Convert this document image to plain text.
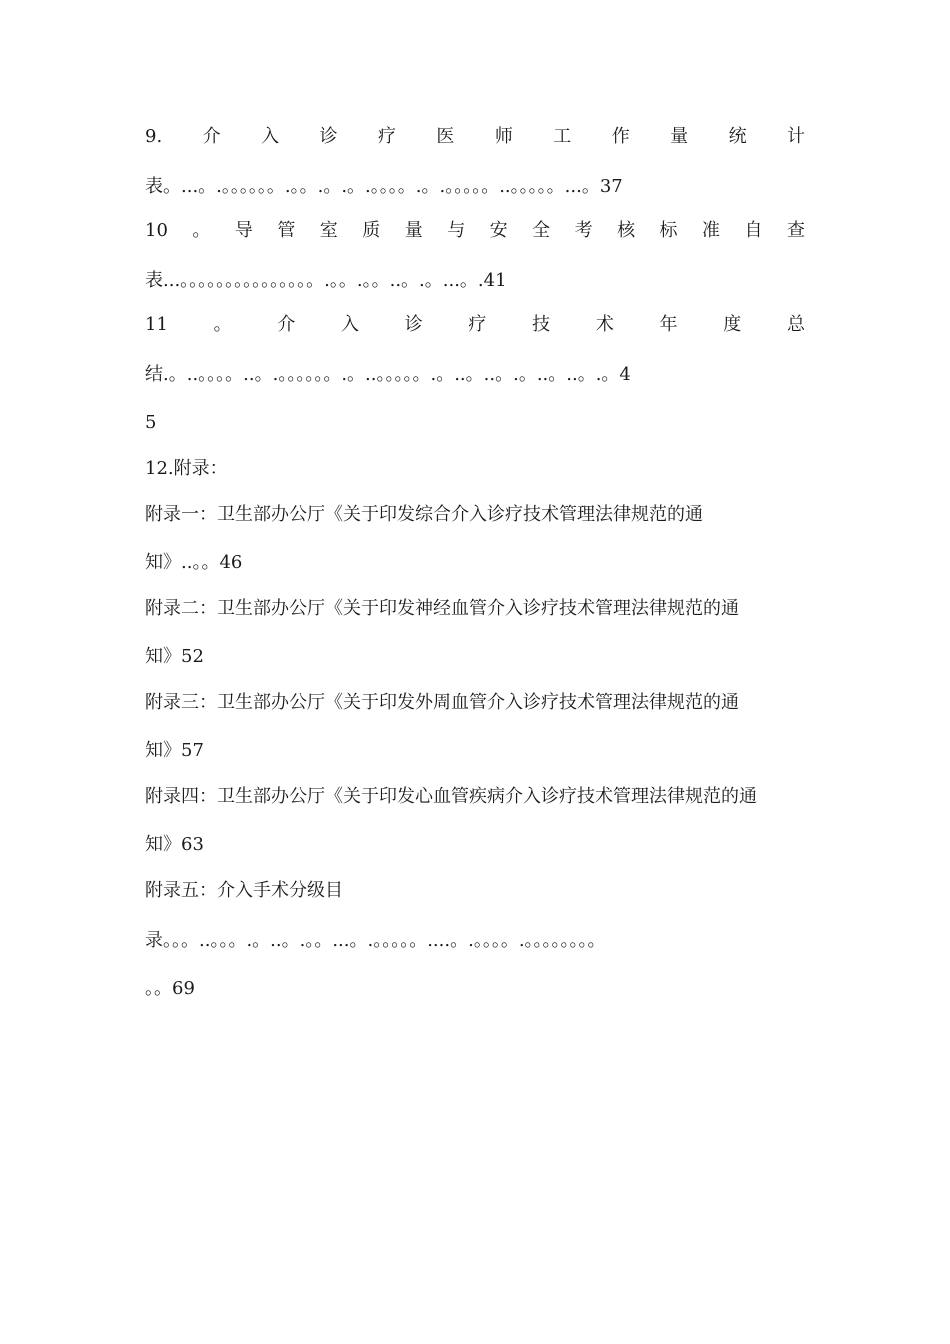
9. 介 入 诊 疗 医 师 工 作 量 统 计
表。...。.。。。。。。.。。.。.。.。。。。.。.。。。。。..。。。。。...。37
10 。 导 管 室 质 量 与 安 全 考 核 标 准 自 查
表...。。。。。。。。。。。。。。。.。。.。。..。.。...。.41
11	。	介	入	诊	疗	技	术	年	度	总
结.。..。。。。..。.。。。。。。.。..。。。。。.。..。..。.。..。..。.。4
5
12.附录：
附录一：卫生部办公厅《关于印发综合介入诊疗技术管理法律规范的通
知》..。。46
附录二：卫生部办公厅《关于印发神经血管介入诊疗技术管理法律规范的通
知》52
附录三：卫生部办公厅《关于印发外周血管介入诊疗技术管理法律规范的通
知》57
附录四：卫生部办公厅《关于印发心血管疾病介入诊疗技术管理法律规范的通
知》63
附录五：介入手术分级目
录。。。..。。。.。..。.。。...。.。。。。。....。.。。。。.。。。。。。。。
。。69
